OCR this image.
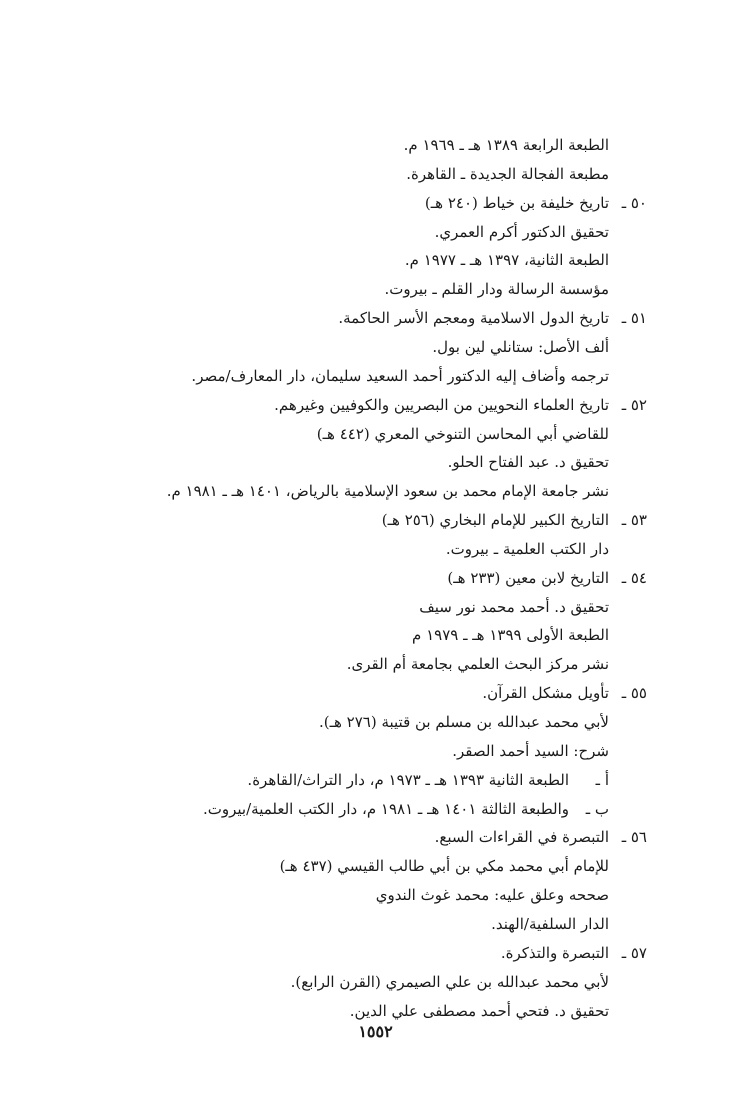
الطبعة الرابعة ١٣٨٩ هـ ـ ١٩٦٩ م.
مطبعة الفجالة الجديدة ـ القاهرة.
٥٠ ـ
تاريخ خليفة بن خياط (٢٤٠ هـ)
تحقيق الدكتور أكرم العمري.
الطبعة الثانية، ١٣٩٧ هـ ـ ١٩٧٧ م.
مؤسسة الرسالة ودار القلم ـ بيروت.
٥١ ـ
تاريخ الدول الاسلامية ومعجم الأسر الحاكمة.
ألف الأصل: ستانلي لين بول.
ترجمه وأضاف إليه الدكتور أحمد السعيد سليمان، دار المعارف/مصر.
٥٢ ـ
تاريخ العلماء النحويين من البصريين والكوفيين وغيرهم.
للقاضي أبي المحاسن التنوخي المعري (٤٤٢ هـ)
تحقيق د. عبد الفتاح الحلو.
نشر جامعة الإمام محمد بن سعود الإسلامية بالرياض، ١٤٠١ هـ ـ ١٩٨١ م.
٥٣ ـ
التاريخ الكبير للإمام البخاري (٢٥٦ هـ)
دار الكتب العلمية ـ بيروت.
٥٤ ـ
التاريخ لابن معين (٢٣٣ هـ)
تحقيق د. أحمد محمد نور سيف
الطبعة الأولى ١٣٩٩ هـ ـ ١٩٧٩ م
نشر مركز البحث العلمي بجامعة أم القرى.
٥٥ ـ
تأويل مشكل القرآن.
لأبي محمد عبدالله بن مسلم بن قتيبة (٢٧٦ هـ).
شرح: السيد أحمد الصقر.
أ ـ
الطبعة الثانية ١٣٩٣ هـ ـ ١٩٧٣ م، دار التراث/القاهرة.
ب ـ
والطبعة الثالثة ١٤٠١ هـ ـ ١٩٨١ م، دار الكتب العلمية/بيروت.
٥٦ ـ
التبصرة في القراءات السبع.
للإمام أبي محمد مكي بن أبي طالب القيسي (٤٣٧ هـ)
صححه وعلق عليه: محمد غوث الندوي
الدار السلفية/الهند.
٥٧ ـ
التبصرة والتذكرة.
لأبي محمد عبدالله بن علي الصيمري (القرن الرابع).
تحقيق د. فتحي أحمد مصطفى علي الدين.
١٥٥٢
